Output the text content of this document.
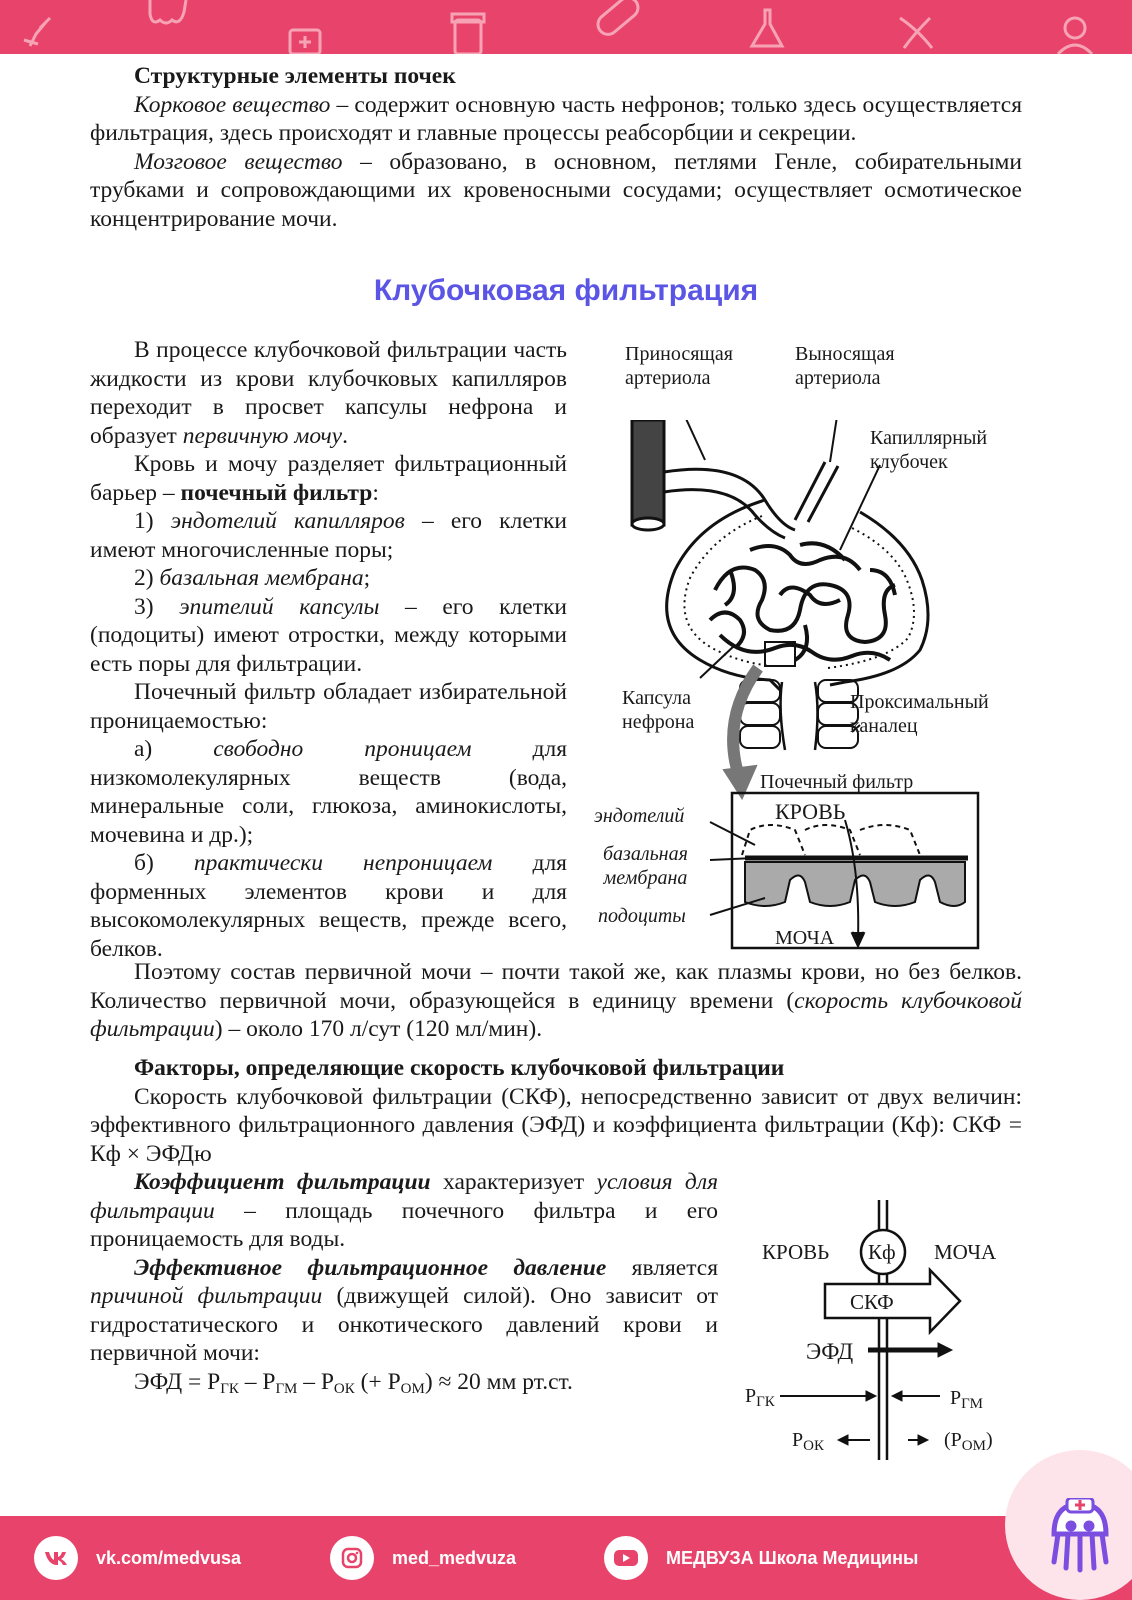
Структурные элементы почек

Корковое вещество – содержит основную часть нефронов; только здесь осуществляется фильтрация, здесь происходят и главные процессы реабсорбции и секреции.

Мозговое вещество – образовано, в основном, петлями Генле, собирательными трубками и сопровождающими их кровеносными сосудами; осуществляет осмотическое концентрирование мочи.

Клубочковая фильтрация

В процессе клубочковой фильтрации часть жидкости из крови клубочковых капилляров переходит в просвет капсулы нефрона и образует первичную мочу.

Кровь и мочу разделяет фильтрационный барьер – почечный фильтр:

1) эндотелий капилляров – его клетки имеют многочисленные поры;

2) базальная мембрана;

3) эпителий капсулы – его клетки (подоциты) имеют отростки, между которыми есть поры для фильтрации.

Почечный фильтр обладает избирательной проницаемостью:

а) свободно проницаем для низкомолекулярных веществ (вода, минеральные соли, глюкоза, аминокислоты, мочевина и др.);

б) практически непроницаем для форменных элементов крови и для высокомолекулярных веществ, прежде всего, белков.

Поэтому состав первичной мочи – почти такой же, как плазмы крови, но без белков. Количество первичной мочи, образующейся в единицу времени (скорость клубочковой фильтрации) – около 170 л/сут (120 мл/мин).

Приносящая
артериола
Выносящая
артериола
Капиллярный
клубочек
Капсула
нефрона
Проксимальный
каналец
Почечный фильтр
КРОВЬ
МОЧА
эндотелий
базальная
мембрана
подоциты

Факторы, определяющие скорость клубочковой фильтрации

Скорость клубочковой фильтрации (СКФ), непосредственно зависит от двух величин: эффективного фильтрационного давления (ЭФД) и коэффициента фильтрации (Кф): СКФ = Кф × ЭФДю

Коэффициент фильтрации характеризует условия для фильтрации – площадь почечного фильтра и его проницаемость для воды.

Эффективное фильтрационное давление является причиной фильтрации (движущей силой). Оно зависит от гидростатического и онкотического давлений крови и первичной мочи:

ЭФД = $P_{ГК} - P_{ГМ} - P_{ОК}$ (+ $P_{ОМ}) \approx 20$ мм рт.ст.

КРОВЬ Кф МОЧА
СКФ
ЭФД
$P_{ГК}$	$P_{ГМ}$
$P_{ОК}$	$(P_{ОМ})$
vk.com/medvusa	med_medvuza	МЕДВУЗА Школа Медицины
